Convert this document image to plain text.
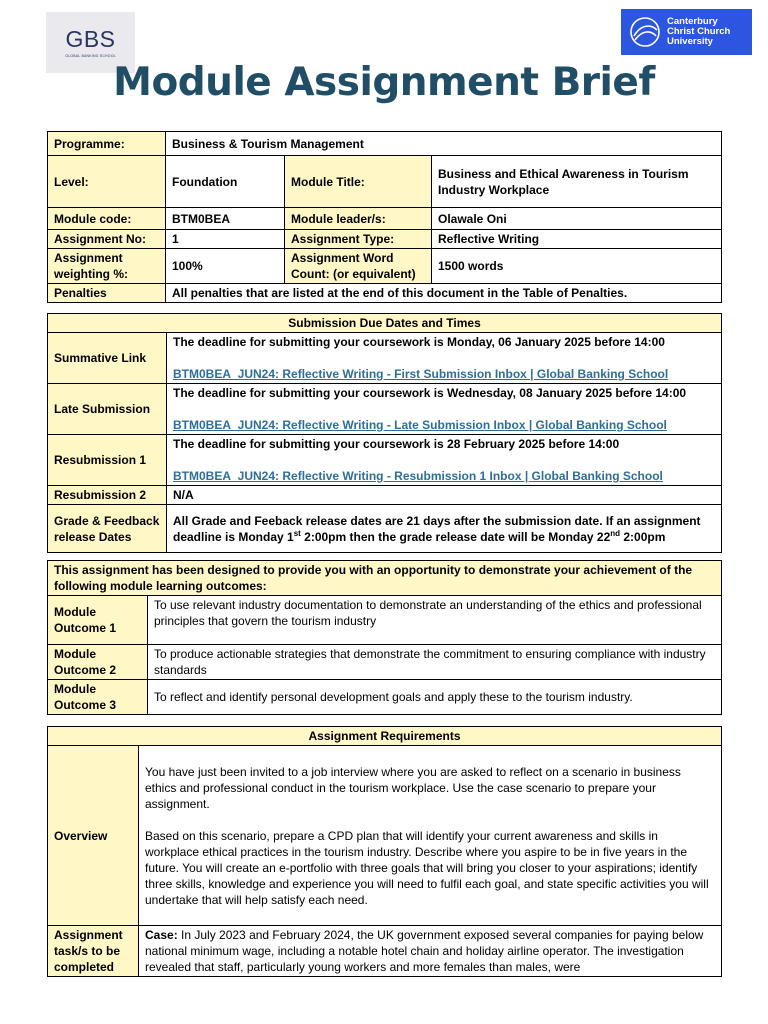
GBS
GLOBAL BANKING SCHOOL
Canterbury
Christ Church
University
Module Assignment Brief
Programme:	Business & Tourism Management		
Level:	Foundation	Module Title:	Business and Ethical Awareness in Tourism Industry Workplace
Module code:	BTM0BEA	Module leader/s:	Olawale Oni
Assignment No:	1	Assignment Type:	Reflective Writing
Assignment weighting %:	100%	Assignment Word Count: (or equivalent)	1500 words
Penalties	All penalties that are listed at the end of this document in the Table of Penalties.		
Submission Due Dates and Times	
Summative Link	The deadline for submitting your coursework is Monday, 06 January 2025 before 14:00
BTM0BEA_JUN24: Reflective Writing - First Submission Inbox | Global Banking School
Late Submission	The deadline for submitting your coursework is Wednesday, 08 January 2025 before 14:00
BTM0BEA_JUN24: Reflective Writing - Late Submission Inbox | Global Banking School
Resubmission 1	The deadline for submitting your coursework is 28 February 2025 before 14:00
BTM0BEA_JUN24: Reflective Writing - Resubmission 1 Inbox | Global Banking School
Resubmission 2	N/A
Grade & Feedback release Dates	All Grade and Feeback release dates are 21 days after the submission date. If an assignment deadline is Monday 1st 2:00pm then the grade release date will be Monday 22nd 2:00pm
This assignment has been designed to provide you with an opportunity to demonstrate your achievement of the following module learning outcomes:	
Module Outcome 1	To use relevant industry documentation to demonstrate an understanding of the ethics and professional principles that govern the tourism industry
Module Outcome 2	To produce actionable strategies that demonstrate the commitment to ensuring compliance with industry standards
Module Outcome 3	To reflect and identify personal development goals and apply these to the tourism industry.
Assignment Requirements	
Overview	You have just been invited to a job interview where you are asked to reflect on a scenario in business ethics and professional conduct in the tourism workplace. Use the case scenario to prepare your assignment.
Based on this scenario, prepare a CPD plan that will identify your current awareness and skills in workplace ethical practices in the tourism industry. Describe where you aspire to be in five years in the future. You will create an e-portfolio with three goals that will bring you closer to your aspirations; identify three skills, knowledge and experience you will need to fulfil each goal, and state specific activities you will undertake that will help satisfy each need.

Assignment task/s to be completed	Case: In July 2023 and February 2024, the UK government exposed several companies for paying below national minimum wage, including a notable hotel chain and holiday airline operator. The investigation revealed that staff, particularly young workers and more females than males, were
